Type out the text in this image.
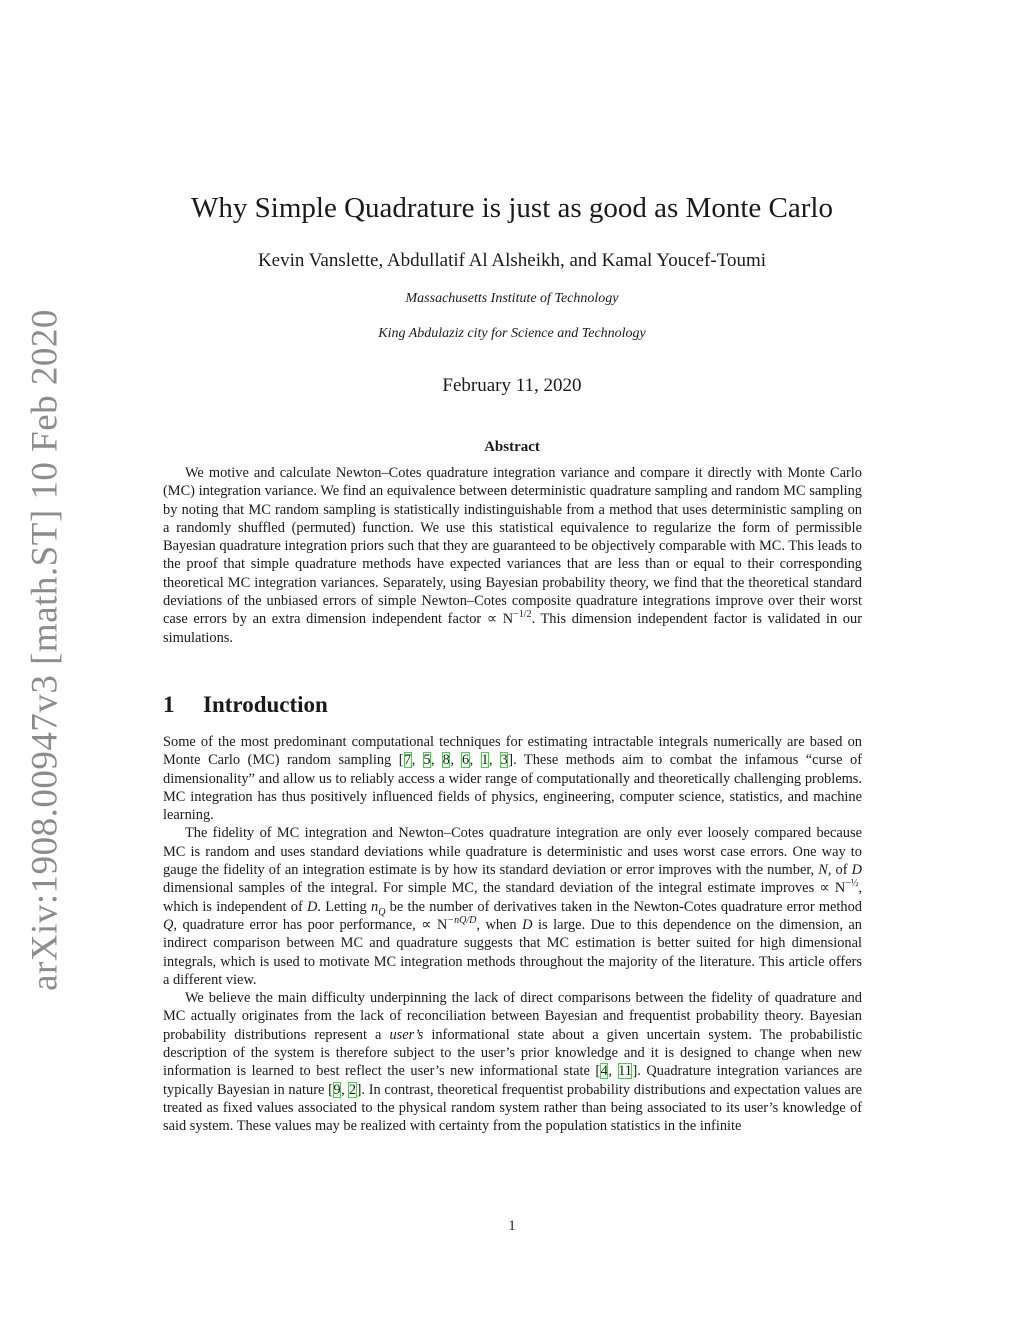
arXiv:1908.00947v3 [math.ST] 10 Feb 2020
Why Simple Quadrature is just as good as Monte Carlo
Kevin Vanslette, Abdullatif Al Alsheikh, and Kamal Youcef-Toumi
Massachusetts Institute of Technology
King Abdulaziz city for Science and Technology
February 11, 2020
Abstract

We motive and calculate Newton–Cotes quadrature integration variance and compare it directly with Monte Carlo (MC) integration variance. We find an equivalence between deterministic quadrature sampling and random MC sampling by noting that MC random sampling is statistically indistinguishable from a method that uses deterministic sampling on a randomly shuffled (permuted) function. We use this statistical equivalence to regularize the form of permissible Bayesian quadrature integration priors such that they are guaranteed to be objectively comparable with MC. This leads to the proof that simple quadrature methods have expected variances that are less than or equal to their corresponding theoretical MC integration variances. Separately, using Bayesian probability theory, we find that the theoretical standard deviations of the unbiased errors of simple Newton–Cotes composite quadrature integrations improve over their worst case errors by an extra dimension independent factor ∝ $N^{-1/2}$. This dimension independent factor is validated in our simulations.

1 Introduction

Some of the most predominant computational techniques for estimating intractable integrals numerically are based on Monte Carlo (MC) random sampling [7, 5, 8, 6, 1, 3]. These methods aim to combat the infamous “curse of dimensionality” and allow us to reliably access a wider range of computationally and theoretically challenging problems. MC integration has thus positively influenced fields of physics, engineering, computer science, statistics, and machine learning.

The fidelity of MC integration and Newton–Cotes quadrature integration are only ever loosely compared because MC is random and uses standard deviations while quadrature is deterministic and uses worst case errors. One way to gauge the fidelity of an integration estimate is by how its standard deviation or error improves with the number, N, of D dimensional samples of the integral. For simple MC, the standard deviation of the integral estimate improves ∝ $N^{-\frac{1}{2}}$, which is independent of D. Letting $n_Q$ be the number of derivatives taken in the Newton-Cotes quadrature error method Q, quadrature error has poor performance, ∝ $N^{-nQ/D}$, when D is large. Due to this dependence on the dimension, an indirect comparison between MC and quadrature suggests that MC estimation is better suited for high dimensional integrals, which is used to motivate MC integration methods throughout the majority of the literature. This article offers a different view.

We believe the main difficulty underpinning the lack of direct comparisons between the fidelity of quadrature and MC actually originates from the lack of reconciliation between Bayesian and frequentist probability theory. Bayesian probability distributions represent a user’s informational state about a given uncertain system. The probabilistic description of the system is therefore subject to the user’s prior knowledge and it is designed to change when new information is learned to best reflect the user’s new informational state [4, 11]. Quadrature integration variances are typically Bayesian in nature [9, 2]. In contrast, theoretical frequentist probability distributions and expectation values are treated as fixed values associated to the physical random system rather than being associated to its user’s knowledge of said system. These values may be realized with certainty from the population statistics in the infinite

1
